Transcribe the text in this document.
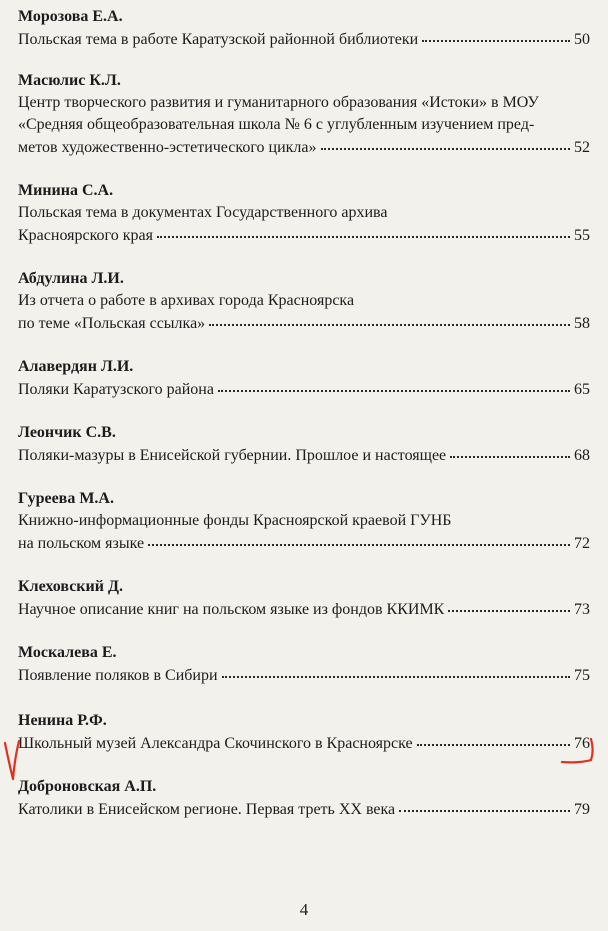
Морозова Е.А.
Польская тема в работе Каратузской районной библиотеки	50
Масюлис К.Л.
Центр творческого развития и гуманитарного образования «Истоки» в МОУ
«Средняя общеобразовательная школа № 6 с углубленным изучением пред-
метов художественно-эстетического цикла»	52
Минина С.А.
Польская тема в документах Государственного архива
Красноярского края	55
Абдулина Л.И.
Из отчета о работе в архивах города Красноярска
по теме «Польская ссылка»	58
Алавердян Л.И.
Поляки Каратузского района	65
Леончик С.В.
Поляки-мазуры в Енисейской губернии. Прошлое и настоящее	68
Гуреева М.А.
Книжно-информационные фонды Красноярской краевой ГУНБ
на польском языке	72
Клеховский Д.
Научное описание книг на польском языке из фондов ККИМК	73
Москалева Е.
Появление поляков в Сибири	75
Ненина Р.Ф.
Школьный музей Александра Скочинского в Красноярске	76
Доброновская А.П.
Католики в Енисейском регионе. Первая треть XX века	79
4
